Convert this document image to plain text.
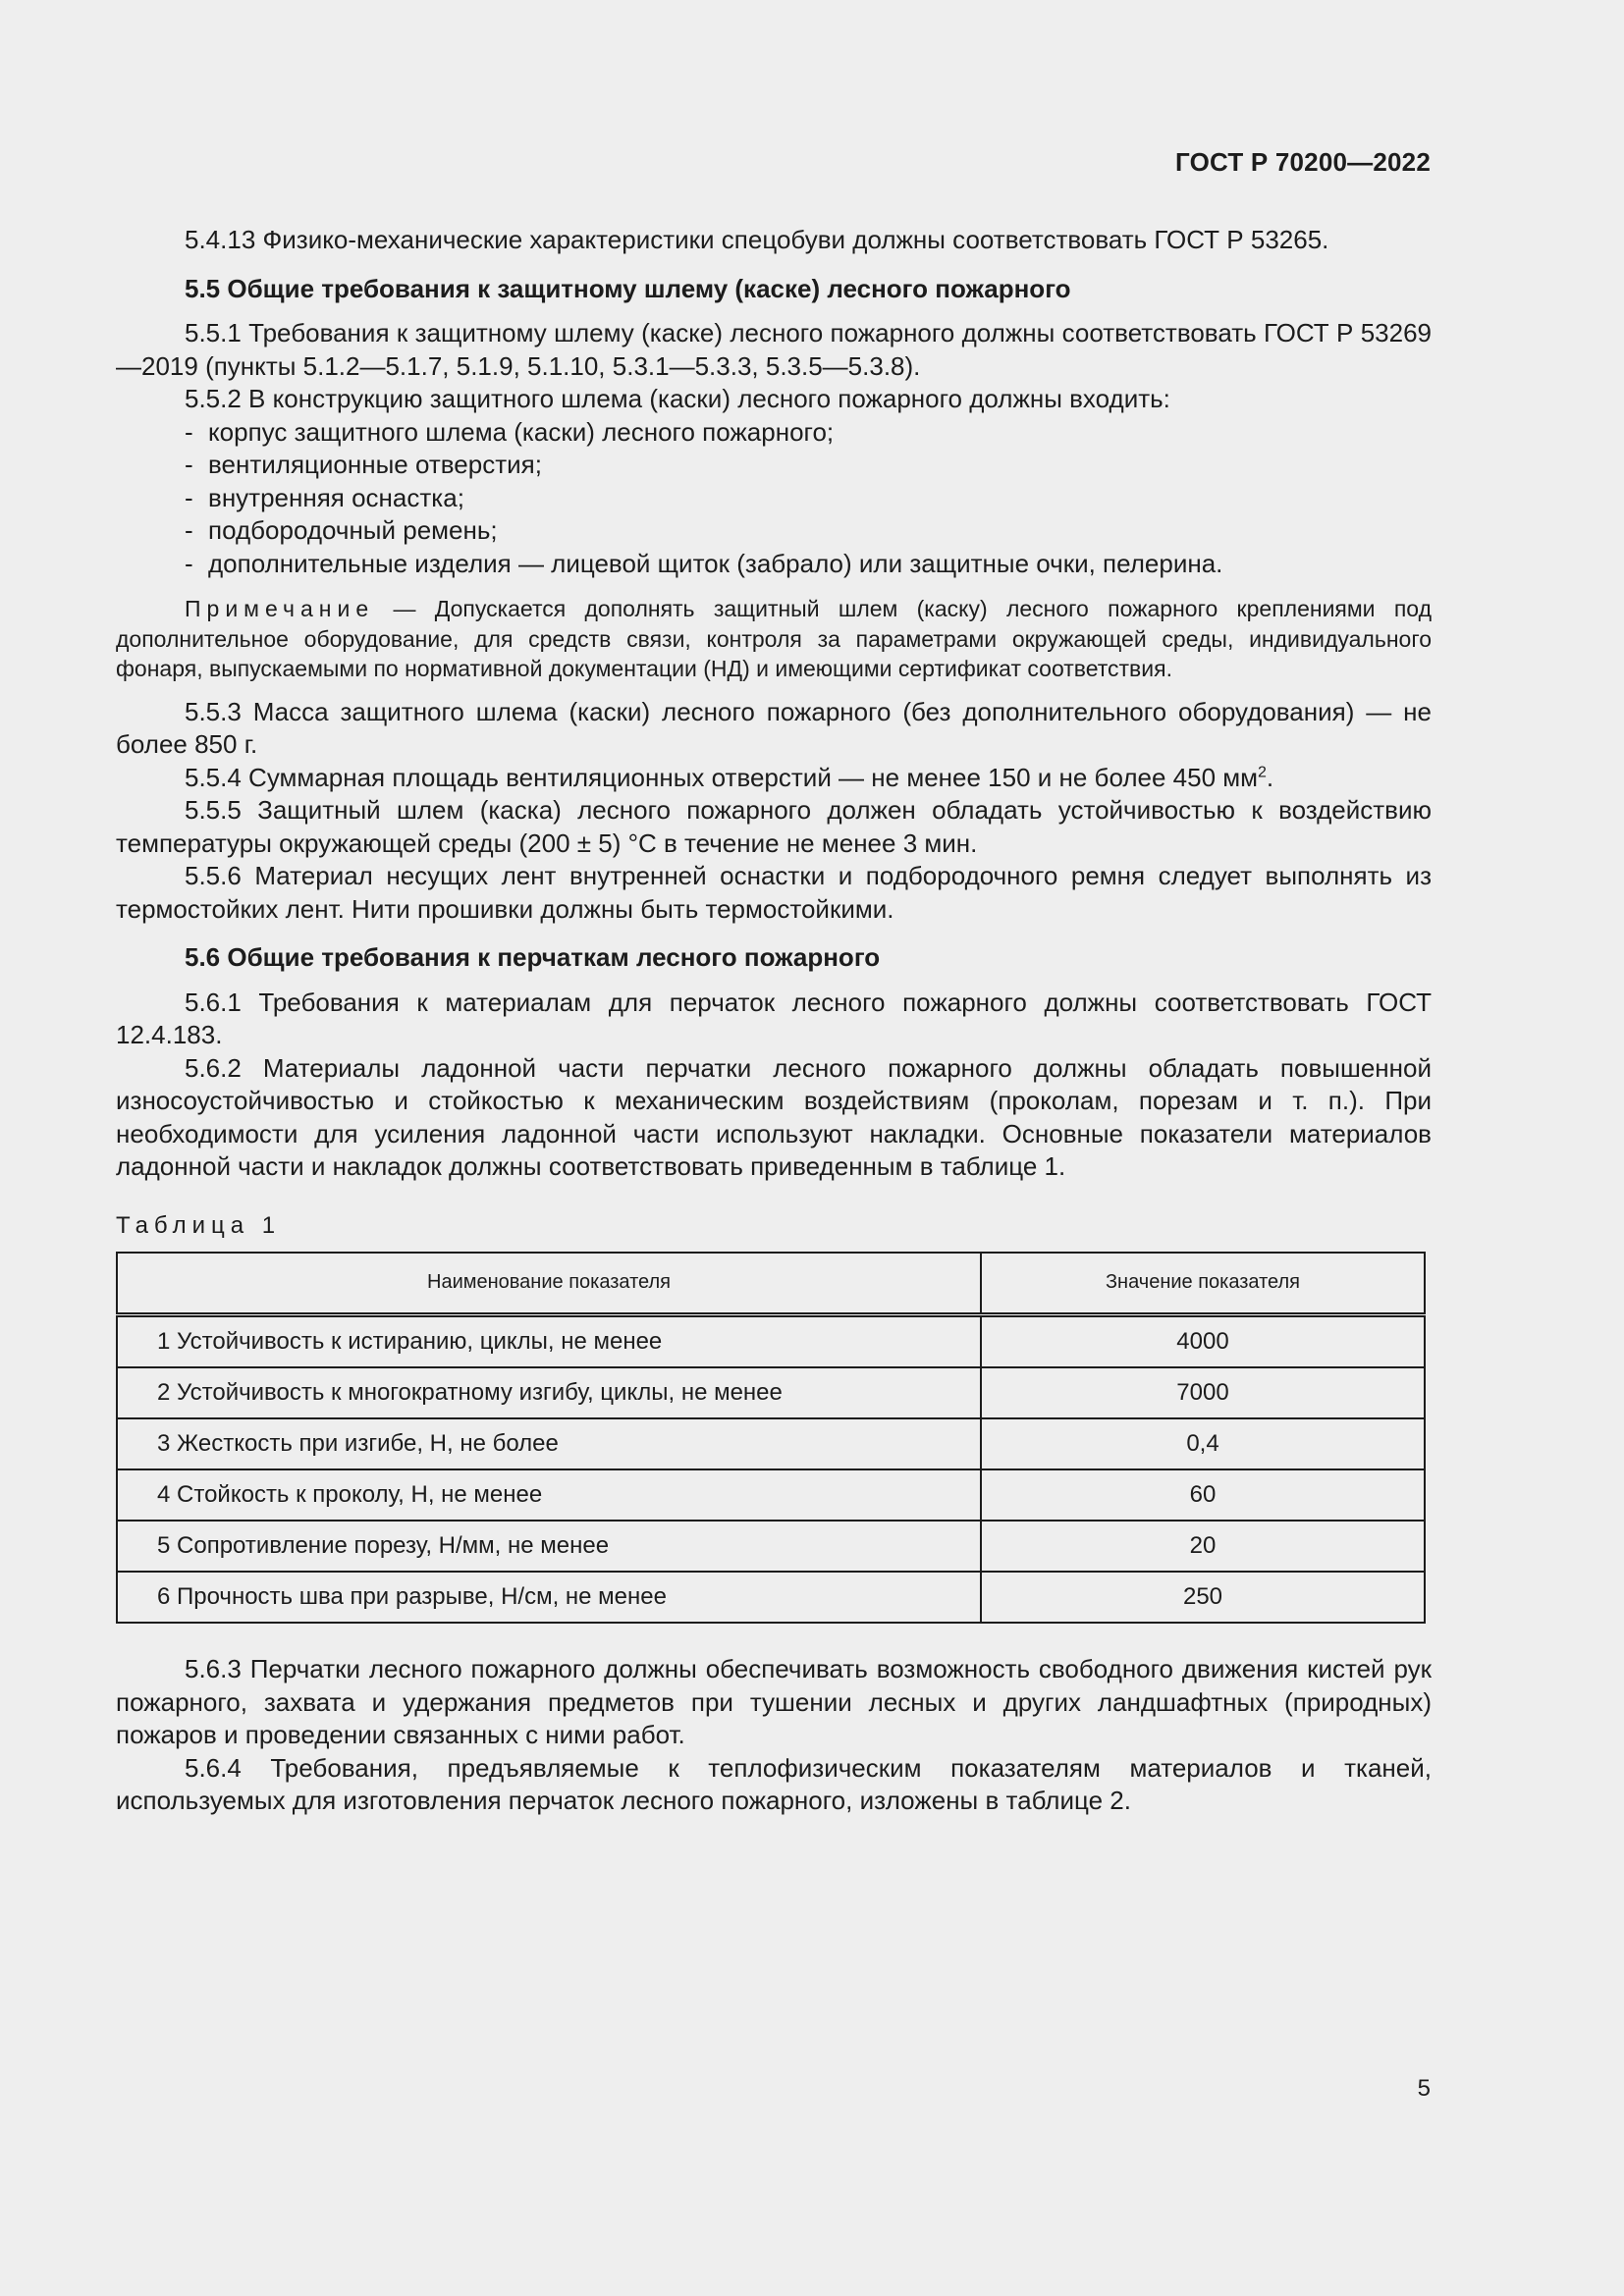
ГОСТ Р 70200—2022

5.4.13 Физико-механические характеристики спецобуви должны соответствовать ГОСТ Р 53265.

5.5 Общие требования к защитному шлему (каске) лесного пожарного

5.5.1 Требования к защитному шлему (каске) лесного пожарного должны соответствовать ГОСТ Р 53269—2019 (пункты 5.1.2—5.1.7, 5.1.9, 5.1.10, 5.3.1—5.3.3, 5.3.5—5.3.8).

5.5.2 В конструкцию защитного шлема (каски) лесного пожарного должны входить:

- корпус защитного шлема (каски) лесного пожарного;

- вентиляционные отверстия;

- внутренняя оснастка;

- подбородочный ремень;

- дополнительные изделия — лицевой щиток (забрало) или защитные очки, пелерина.

Примечание — Допускается дополнять защитный шлем (каску) лесного пожарного креплениями под дополнительное оборудование, для средств связи, контроля за параметрами окружающей среды, индивидуального фонаря, выпускаемыми по нормативной документации (НД) и имеющими сертификат соответствия.

5.5.3 Масса защитного шлема (каски) лесного пожарного (без дополнительного оборудования) — не более 850 г.

5.5.4 Суммарная площадь вентиляционных отверстий — не менее 150 и не более 450 $мм^2$.

5.5.5 Защитный шлем (каска) лесного пожарного должен обладать устойчивостью к воздействию температуры окружающей среды (200 ± 5) °C в течение не менее 3 мин.

5.5.6 Материал несущих лент внутренней оснастки и подбородочного ремня следует выполнять из термостойких лент. Нити прошивки должны быть термостойкими.

5.6 Общие требования к перчаткам лесного пожарного

5.6.1 Требования к материалам для перчаток лесного пожарного должны соответствовать ГОСТ 12.4.183.

5.6.2 Материалы ладонной части перчатки лесного пожарного должны обладать повышенной износоустойчивостью и стойкостью к механическим воздействиям (проколам, порезам и т. п.). При необходимости для усиления ладонной части используют накладки. Основные показатели материалов ладонной части и накладок должны соответствовать приведенным в таблице 1.

Таблица 1
Наименование показателя	Значение показателя
1 Устойчивость к истиранию, циклы, не менее	4000
2 Устойчивость к многократному изгибу, циклы, не менее	7000
3 Жесткость при изгибе, Н, не более	0,4
4 Стойкость к проколу, Н, не менее	60
5 Сопротивление порезу, Н/мм, не менее	20
6 Прочность шва при разрыве, Н/см, не менее	250

5.6.3 Перчатки лесного пожарного должны обеспечивать возможность свободного движения кистей рук пожарного, захвата и удержания предметов при тушении лесных и других ландшафтных (природных) пожаров и проведении связанных с ними работ.

5.6.4 Требования, предъявляемые к теплофизическим показателям материалов и тканей, используемых для изготовления перчаток лесного пожарного, изложены в таблице 2.

5
